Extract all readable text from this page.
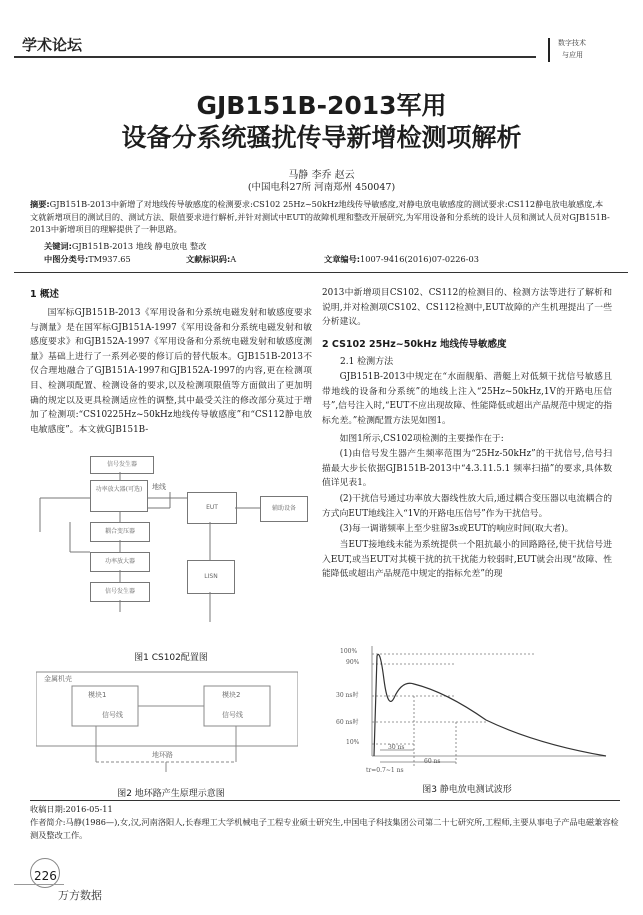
学术论坛	数字技术
与应用
GJB151B-2013军用
设备分系统骚扰传导新增检测项解析
马静 李乔 赵云
(中国电科27所 河南郑州 450047)
摘要:GJB151B-2013中新增了对地线传导敏感度的检测要求:CS102 25Hz~50kHz地线传导敏感度,对静电放电敏感度的测试要求:CS112静电放电敏感度,本文就新增项目的测试目的、测试方法、限值要求进行解析,并针对测试中EUT的故障机理和整改开展研究,为军用设备和分系统的设计人员和测试人员对GJB151B-2013中新增项目的理解提供了一种思路。
关键词:GJB151B-2013 地线 静电放电 整改
中图分类号:TM937.65	文献标识码:A	文章编号:1007-9416(2016)07-0226-03
1 概述
国军标GJB151B-2013《军用设备和分系统电磁发射和敏感度要求与测量》是在国军标GJB151A-1997《军用设备和分系统电磁发射和敏感度要求》和GJB152A-1997《军用设备和分系统电磁发射和敏感度测量》基础上进行了一系列必要的修订后的替代版本。GJB151B-2013不仅合理地融合了GJB151A-1997和GJB152A-1997的内容,更在检测项目、检测项配置、检测设备的要求,以及检测项限值等方面做出了更加明确的规定以及更具检测适应性的调整,其中最受关注的修改部分莫过于增加了检测项:“CS10225Hz~50kHz地线传导敏感度”和“CS112静电放电敏感度”。本文就GJB151B-
信号发生器
功率放大器(可选)
耦合变压器
功率放大器
信号发生器
EUT	辅助设备
LISN
地线
图1 CS102配置图
金属机壳
模块1	模块2
信号线	信号线
地环路
图2 地环路产生原理示意图
2013中新增项目CS102、CS112的检测目的、检测方法等进行了解析和说明,并对检测项CS102、CS112检测中,EUT故障的产生机理提出了一些分析建议。
2 CS102 25Hz~50kHz 地线传导敏感度
2.1 检测方法
GJB151B-2013中规定在“水面舰船、潜艇上对低频干扰信号敏感且带地线的设备和分系统”的地线上注入“25Hz~50kHz,1V的开路电压信号”,信号注入时,“EUT不应出现故障、性能降低或超出产品规范中规定的指标允差。”检测配置方法见如图1。
如图1所示,CS102项检测的主要操作在于:
(1)由信号发生器产生频率范围为“25Hz-50kHz”的干扰信号,信号扫描最大步长依据GJB151B-2013中“4.3.11.5.1 频率扫描”的要求,具体数值详见表1。
(2)干扰信号通过功率放大器线性放大后,通过耦合变压器以电流耦合的方式向EUT地线注入“1V的开路电压信号”作为干扰信号。
(3)每一调谐频率上至少驻留3s或EUT的响应时间(取大者)。
当EUT接地线未能为系统提供一个阻抗最小的回路路径,使干扰信号进入EUT,或当EUT对其模干扰的抗干扰能力较弱时,EUT就会出现“故障、性能降低或超出产品规范中规定的指标允差”的现
100%
90%
30 ns时
60 ns时
10%
30 ns
60 ns
tr=0.7~1 ns
图3 静电放电测试波形
收稿日期:2016-05-11
作者简介:马静(1986—),女,汉,河南洛阳人,长春理工大学机械电子工程专业硕士研究生,中国电子科技集团公司第二十七研究所,工程师,主要从事电子产品电磁兼容检测及整改工作。
226
万方数据
